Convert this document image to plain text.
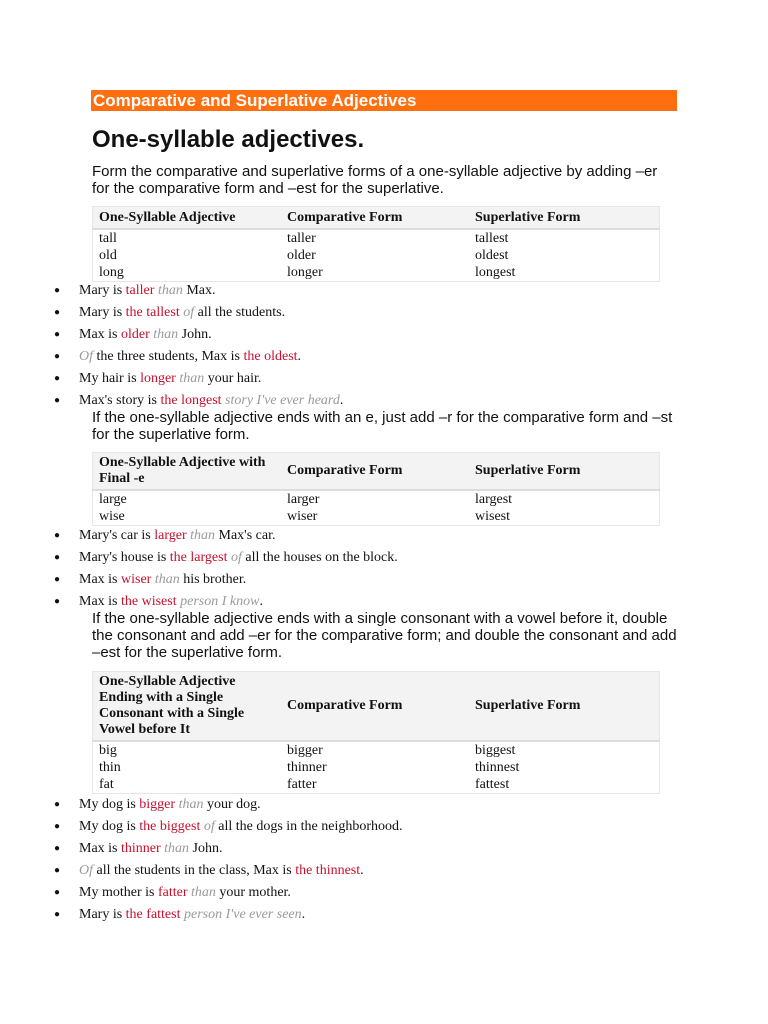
Comparative and Superlative Adjectives
One-syllable adjectives.
Form the comparative and superlative forms of a one-syllable adjective by adding –er for the comparative form and –est for the superlative.
One-Syllable Adjective	Comparative Form	Superlative Form
tall	taller	tallest
old	older	oldest
long	longer	longest
● Mary is taller than Max.
● Mary is the tallest of all the students.
● Max is older than John.
● Of the three students, Max is the oldest.
● My hair is longer than your hair.
● Max's story is the longest story I've ever heard.
If the one-syllable adjective ends with an e, just add –r for the comparative form and –st for the superlative form.
One-Syllable Adjective with Final -e	Comparative Form	Superlative Form
large	larger	largest
wise	wiser	wisest
● Mary's car is larger than Max's car.
● Mary's house is the largest of all the houses on the block.
● Max is wiser than his brother.
● Max is the wisest person I know.
If the one-syllable adjective ends with a single consonant with a vowel before it, double the consonant and add –er for the comparative form; and double the consonant and add –est for the superlative form.
One-Syllable Adjective Ending with a Single Consonant with a Single Vowel before It	Comparative Form	Superlative Form
big	bigger	biggest
thin	thinner	thinnest
fat	fatter	fattest
● My dog is bigger than your dog.
● My dog is the biggest of all the dogs in the neighborhood.
● Max is thinner than John.
● Of all the students in the class, Max is the thinnest.
● My mother is fatter than your mother.
● Mary is the fattest person I've ever seen.
